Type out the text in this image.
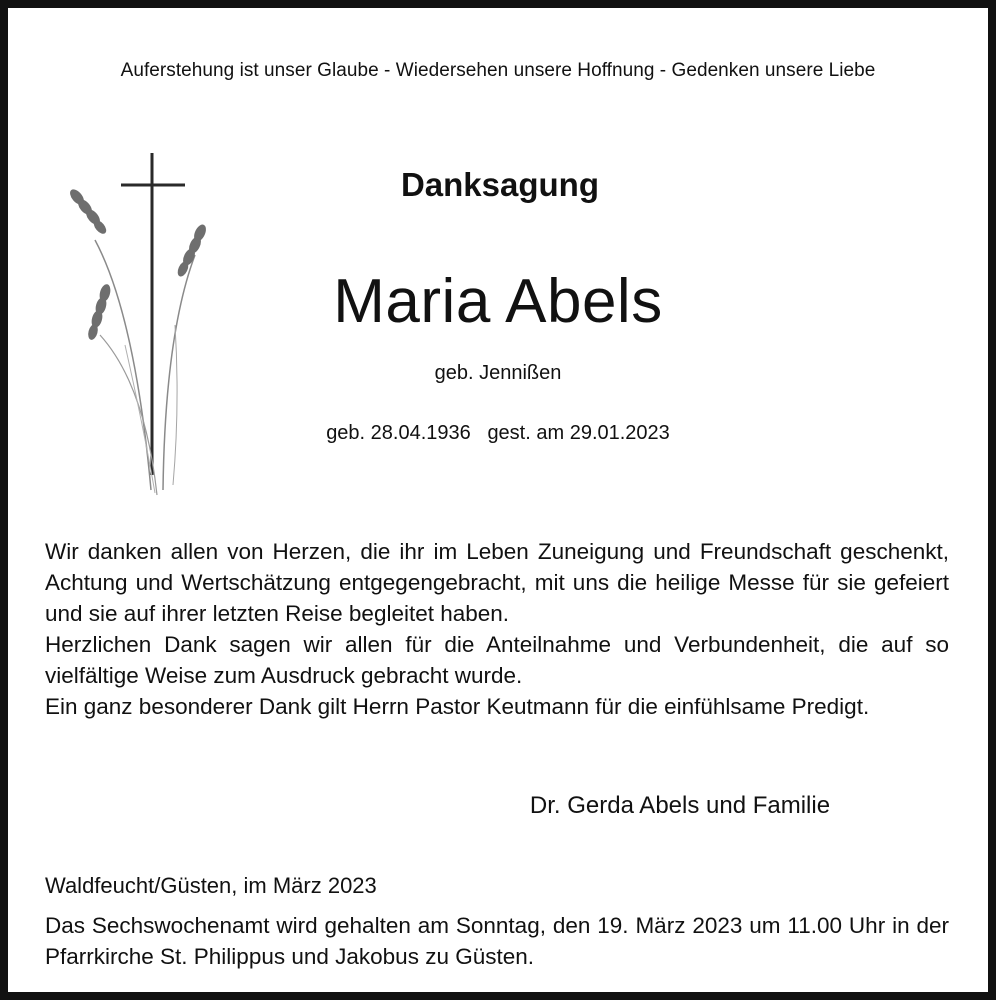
Auferstehung ist unser Glaube - Wiedersehen unsere Hoffnung - Gedenken unsere Liebe
Danksagung
Maria Abels
geb. Jennißen
geb. 28.04.1936   gest. am 29.01.2023

Wir danken allen von Herzen, die ihr im Leben Zuneigung und Freundschaft geschenkt, Achtung und Wertschätzung entgegengebracht, mit uns die heilige Messe für sie gefeiert und sie auf ihrer letzten Reise begleitet haben.

Herzlichen Dank sagen wir allen für die Anteilnahme und Verbundenheit, die auf so vielfältige Weise zum Ausdruck gebracht wurde.

Ein ganz besonderer Dank gilt Herrn Pastor Keutmann für die einfühlsame Predigt.

Dr. Gerda Abels und Familie
Waldfeucht/Güsten, im März 2023
Das Sechswochenamt wird gehalten am Sonntag, den 19. März 2023 um 11.00 Uhr in der Pfarrkirche St. Philippus und Jakobus zu Güsten.
